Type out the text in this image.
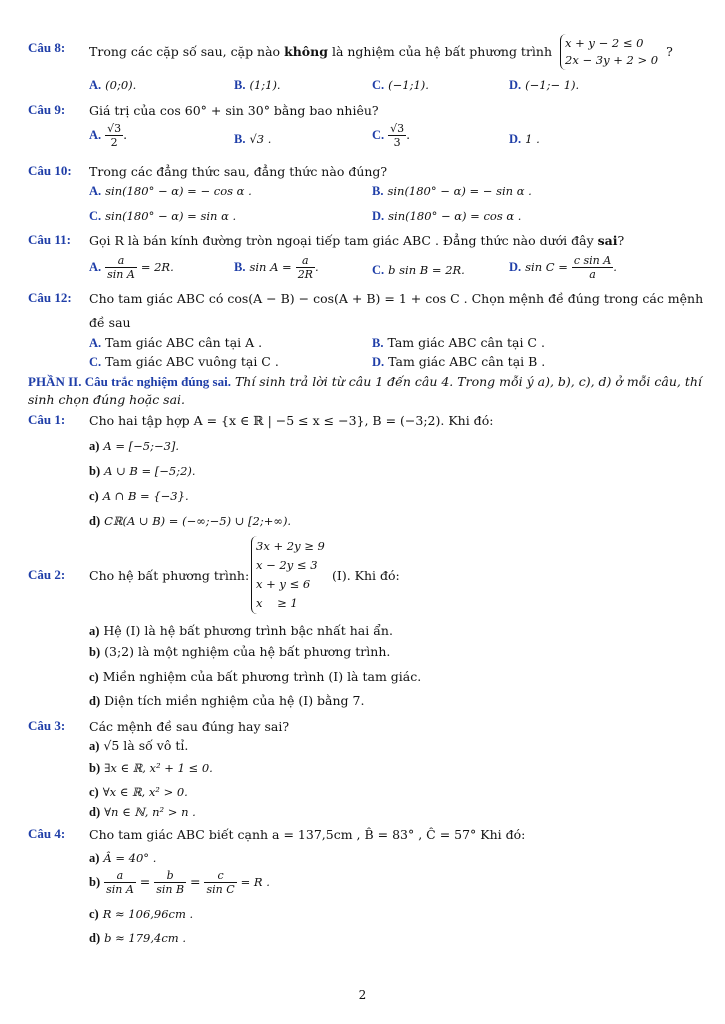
Câu 8: Trong các cặp số sau, cặp nào không là nghiệm của hệ bất phương trình
x + y − 2 ≤ 0
2x − 3y + 2 > 0
?
A. (0;0).	B. (1;1).	C. (−1;1).	D. (−1;− 1).
Câu 9: Giá trị của cos 60° + sin 30° bằng bao nhiêu?
A. $\frac{√3}{2}$ .	B. √3 .	C. $\frac{√3}{3}$ .	D. 1 .
Câu 10: Trong các đẳng thức sau, đẳng thức nào đúng?
A. sin(180° − α) = − cos α .	B. sin(180° − α) = − sin α .
C. sin(180° − α) = sin α .	D. sin(180° − α) = cos α .
Câu 11: Gọi R là bán kính đường tròn ngoại tiếp tam giác ABC . Đẳng thức nào dưới đây sai?
A. $\frac{a}{\text{sin A}} = 2R$.	B. $\sin A = \frac{a}{2R}$ .	C. b sin B = 2R.	D. $\sin C = \frac{\text{c sin A}}{a}$ .
Câu 12: Cho tam giác ABC có cos(A − B) − cos(A + B) = 1 + cos C . Chọn mệnh đề đúng trong các mệnh đề sau
A. Tam giác ABC cân tại A .	B. Tam giác ABC cân tại C .
C. Tam giác ABC vuông tại C .	D. Tam giác ABC cân tại B .
PHẦN II. Câu trắc nghiệm đúng sai. Thí sinh trả lời từ câu 1 đến câu 4. Trong mỗi ý a), b), c), d) ở mỗi câu, thí sinh chọn đúng hoặc sai.
Câu 1: Cho hai tập hợp A = {x ∈ ℝ | −5 ≤ x ≤ −3}, B = (−3;2). Khi đó:
a) A = [−5;−3].
b) A ∪ B = [−5;2).
c) A ∩ B = {−3}.
d) Cℝ(A ∪ B) = (−∞;−5) ∪ [2;+∞).
Câu 2: Cho hệ bất phương trình:
3x + 2y ≥ 9
x − 2y ≤ 3
x + y ≤ 6
x    ≥ 1
(I). Khi đó:
a) Hệ (I) là hệ bất phương trình bậc nhất hai ẩn.
b) (3;2) là một nghiệm của hệ bất phương trình.
c) Miền nghiệm của bất phương trình (I) là tam giác.
d) Diện tích miền nghiệm của hệ (I) bằng 7.
Câu 3: Các mệnh đề sau đúng hay sai?
a) √5 là số vô tỉ.
b) ∃x ∈ ℝ, x² + 1 ≤ 0.
c) ∀x ∈ ℝ, x² > 0.
d) ∀n ∈ ℕ, n² > n .
Câu 4: Cho tam giác ABC biết cạnh a = 137,5cm , B̂ = 83° , Ĉ = 57° Khi đó:
a) Â = 40° .
$b) \frac{a}{\text{sin A}} = \frac{b}{\text{sin B}} = \frac{c}{\text{sin C}} = R$ .
c) R ≈ 106,96cm .
d) b ≈ 179,4cm .
2
